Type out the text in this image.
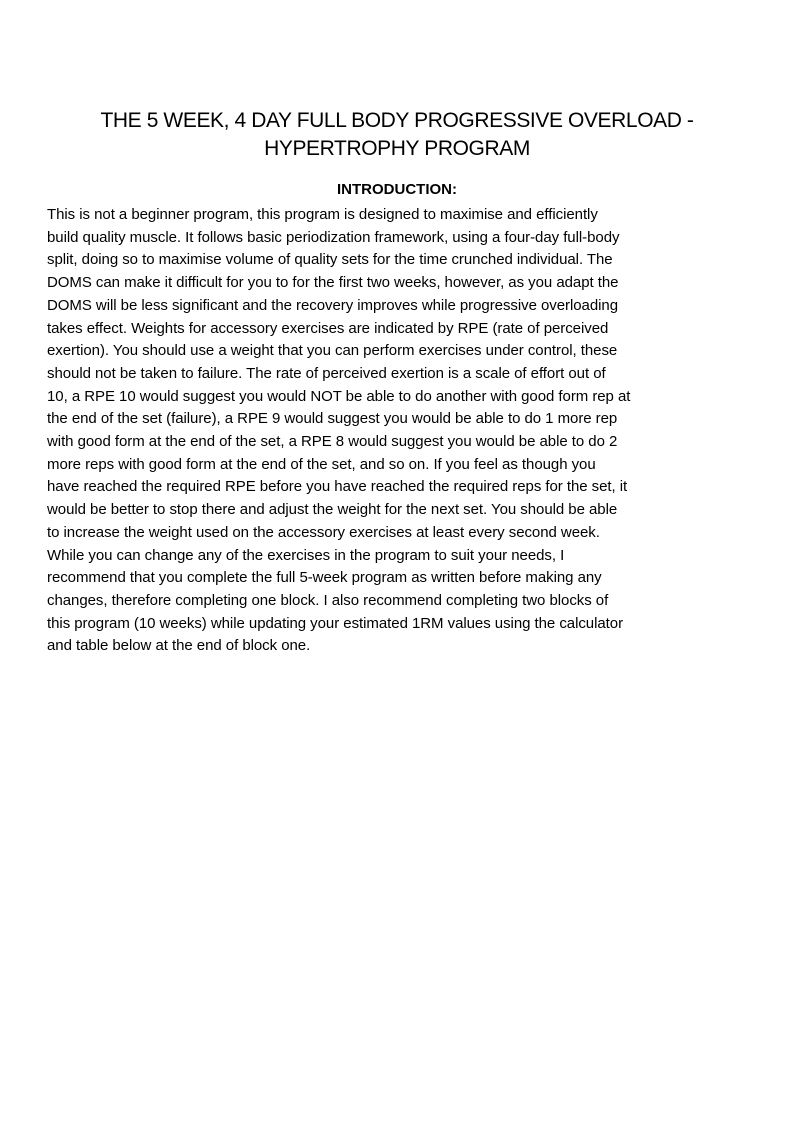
THE 5 WEEK, 4 DAY FULL BODY PROGRESSIVE OVERLOAD -
HYPERTROPHY PROGRAM
INTRODUCTION:

This is not a beginner program, this program is designed to maximise and efficiently
build quality muscle. It follows basic periodization framework, using a four-day full-body
split, doing so to maximise volume of quality sets for the time crunched individual. The
DOMS can make it difficult for you to for the first two weeks, however, as you adapt the
DOMS will be less significant and the recovery improves while progressive overloading
takes effect. Weights for accessory exercises are indicated by RPE (rate of perceived
exertion). You should use a weight that you can perform exercises under control, these
should not be taken to failure. The rate of perceived exertion is a scale of effort out of
10, a RPE 10 would suggest you would NOT be able to do another with good form rep at
the end of the set (failure), a RPE 9 would suggest you would be able to do 1 more rep
with good form at the end of the set, a RPE 8 would suggest you would be able to do 2
more reps with good form at the end of the set, and so on. If you feel as though you
have reached the required RPE before you have reached the required reps for the set, it
would be better to stop there and adjust the weight for the next set. You should be able
to increase the weight used on the accessory exercises at least every second week.
While you can change any of the exercises in the program to suit your needs, I
recommend that you complete the full 5-week program as written before making any
changes, therefore completing one block. I also recommend completing two blocks of
this program (10 weeks) while updating your estimated 1RM values using the calculator
and table below at the end of block one.
